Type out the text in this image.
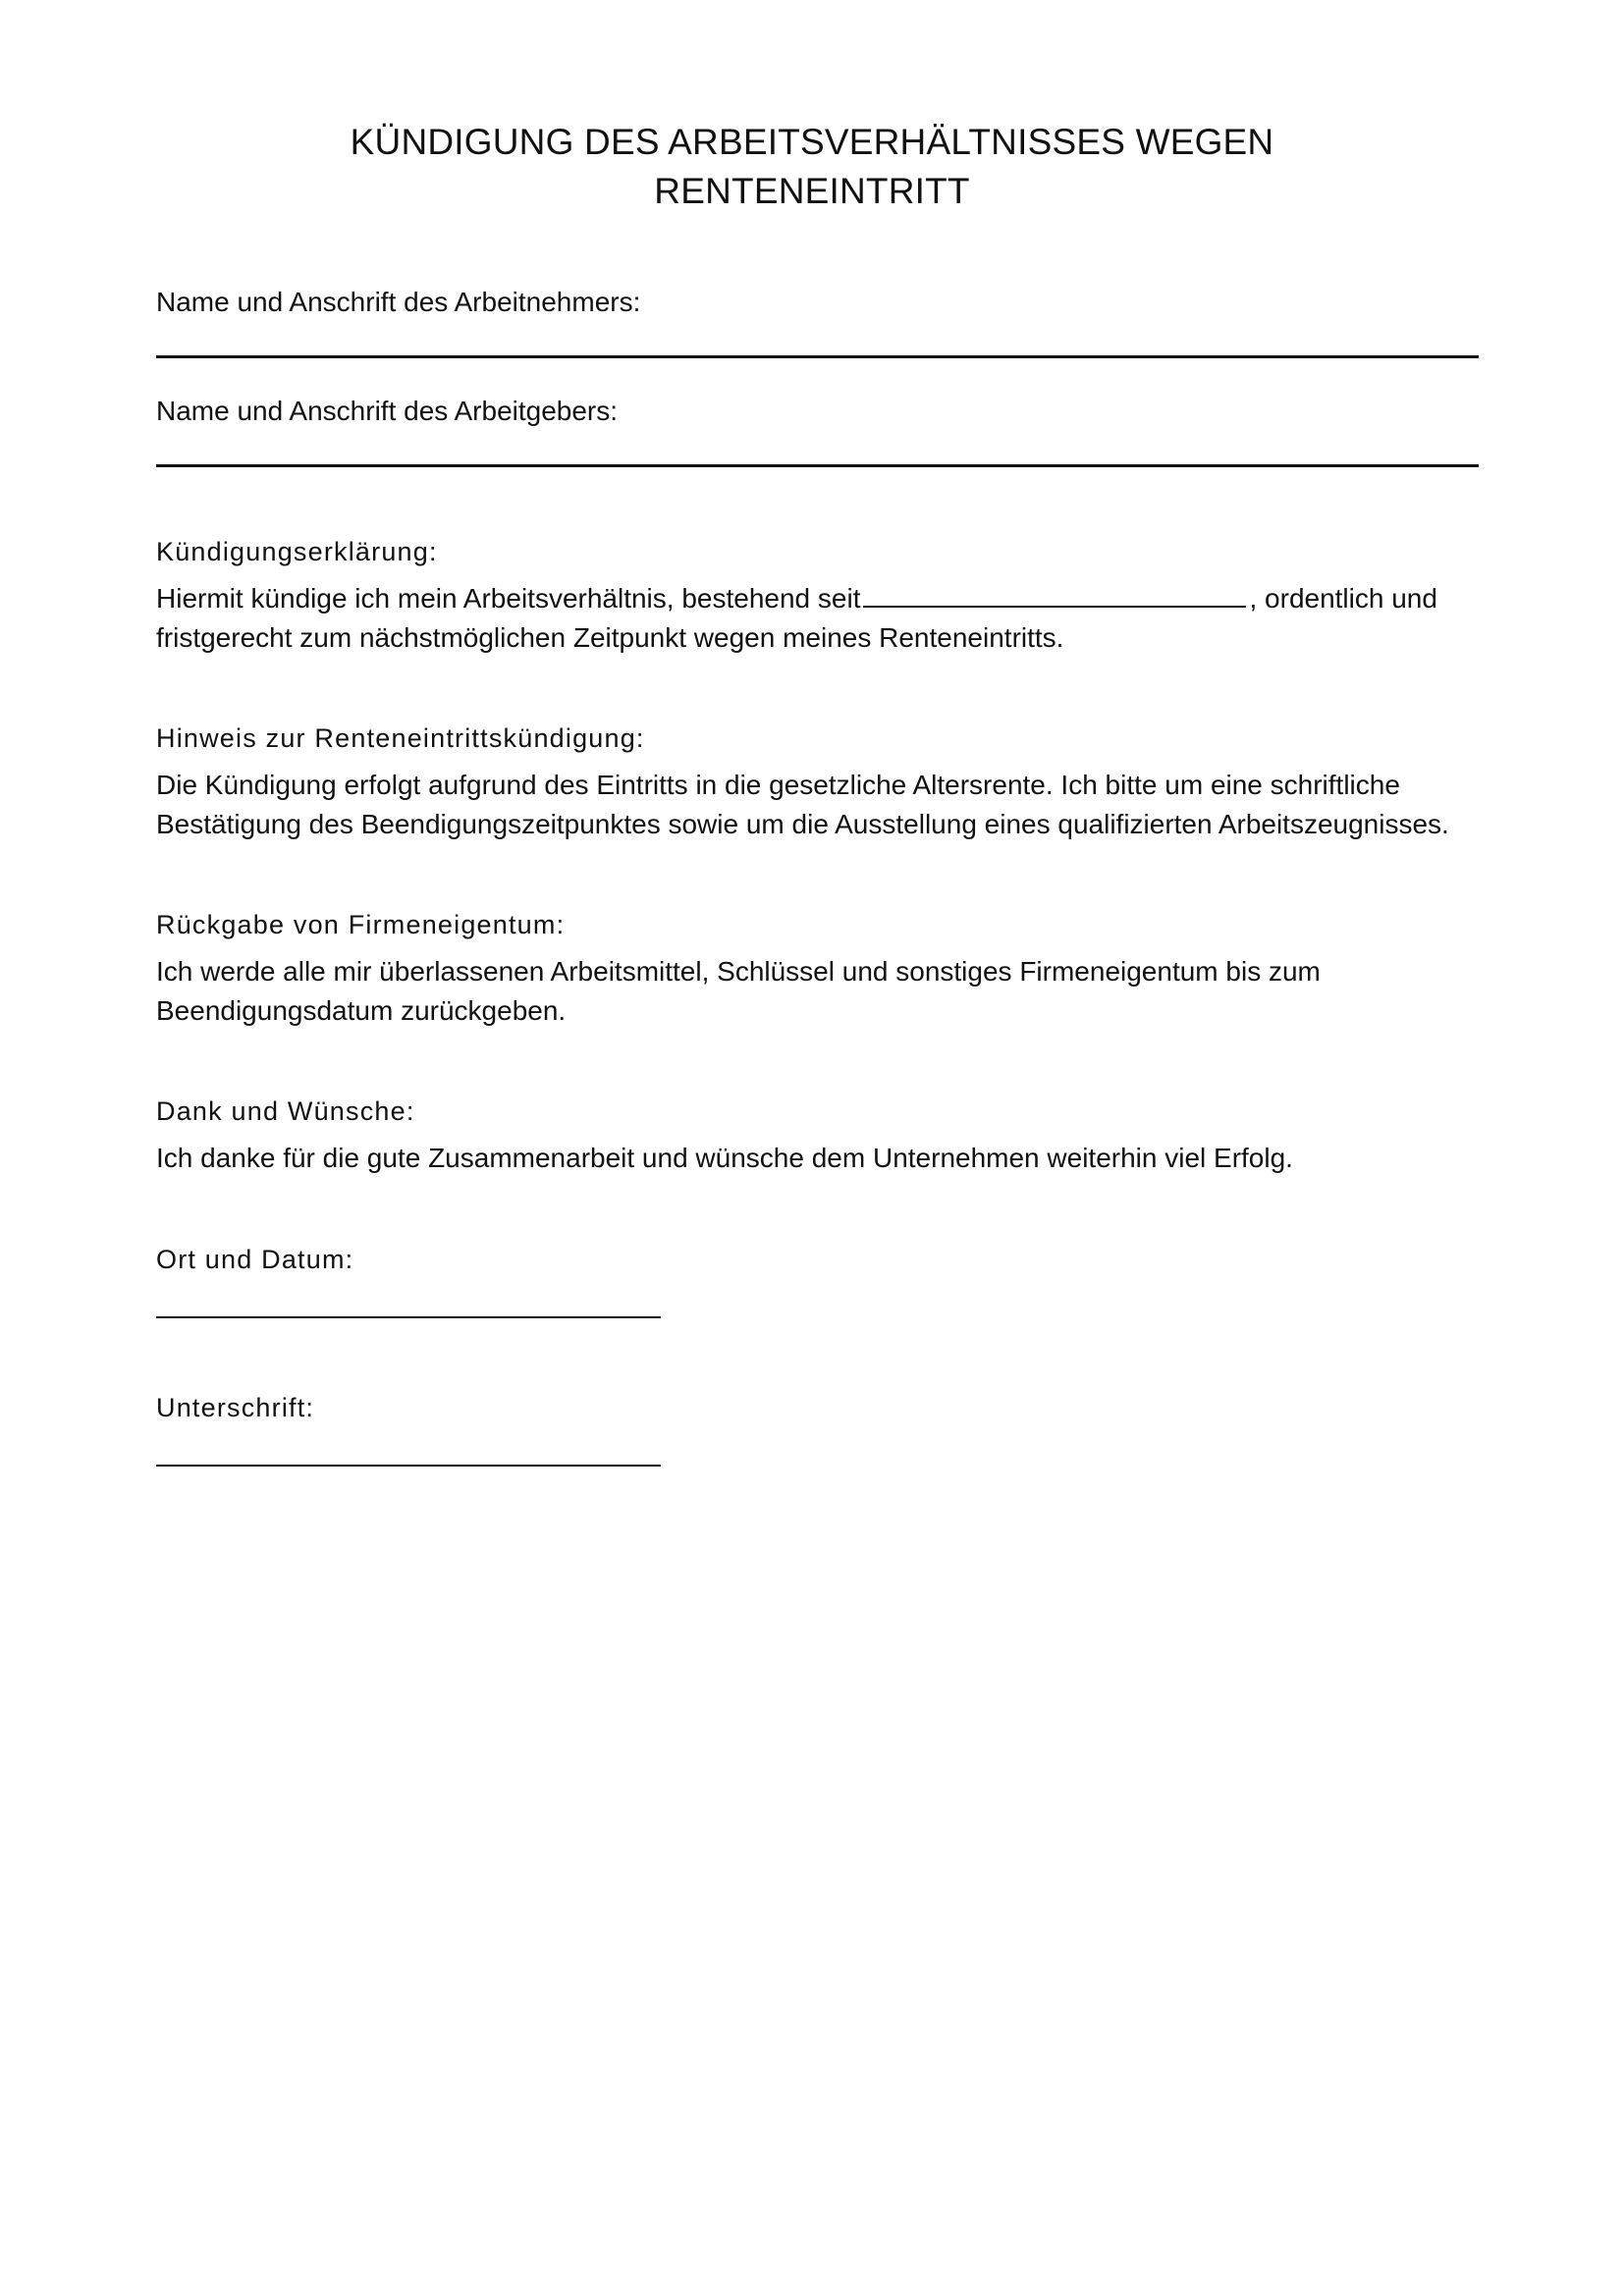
KÜNDIGUNG DES ARBEITSVERHÄLTNISSES WEGEN
RENTENEINTRITT
Name und Anschrift des Arbeitnehmers:
Name und Anschrift des Arbeitgebers:
Kündigungserklärung:
Hiermit kündige ich mein Arbeitsverhältnis, bestehend seit	, ordentlich und fristgerecht zum nächstmöglichen Zeitpunkt wegen meines Renteneintritts.
Hinweis zur Renteneintrittskündigung:
Die Kündigung erfolgt aufgrund des Eintritts in die gesetzliche Altersrente. Ich bitte um eine schriftliche Bestätigung des Beendigungszeitpunktes sowie um die Ausstellung eines qualifizierten Arbeitszeugnisses.
Rückgabe von Firmeneigentum:
Ich werde alle mir überlassenen Arbeitsmittel, Schlüssel und sonstiges Firmeneigentum bis zum Beendigungsdatum zurückgeben.
Dank und Wünsche:
Ich danke für die gute Zusammenarbeit und wünsche dem Unternehmen weiterhin viel Erfolg.
Ort und Datum:
Unterschrift:
